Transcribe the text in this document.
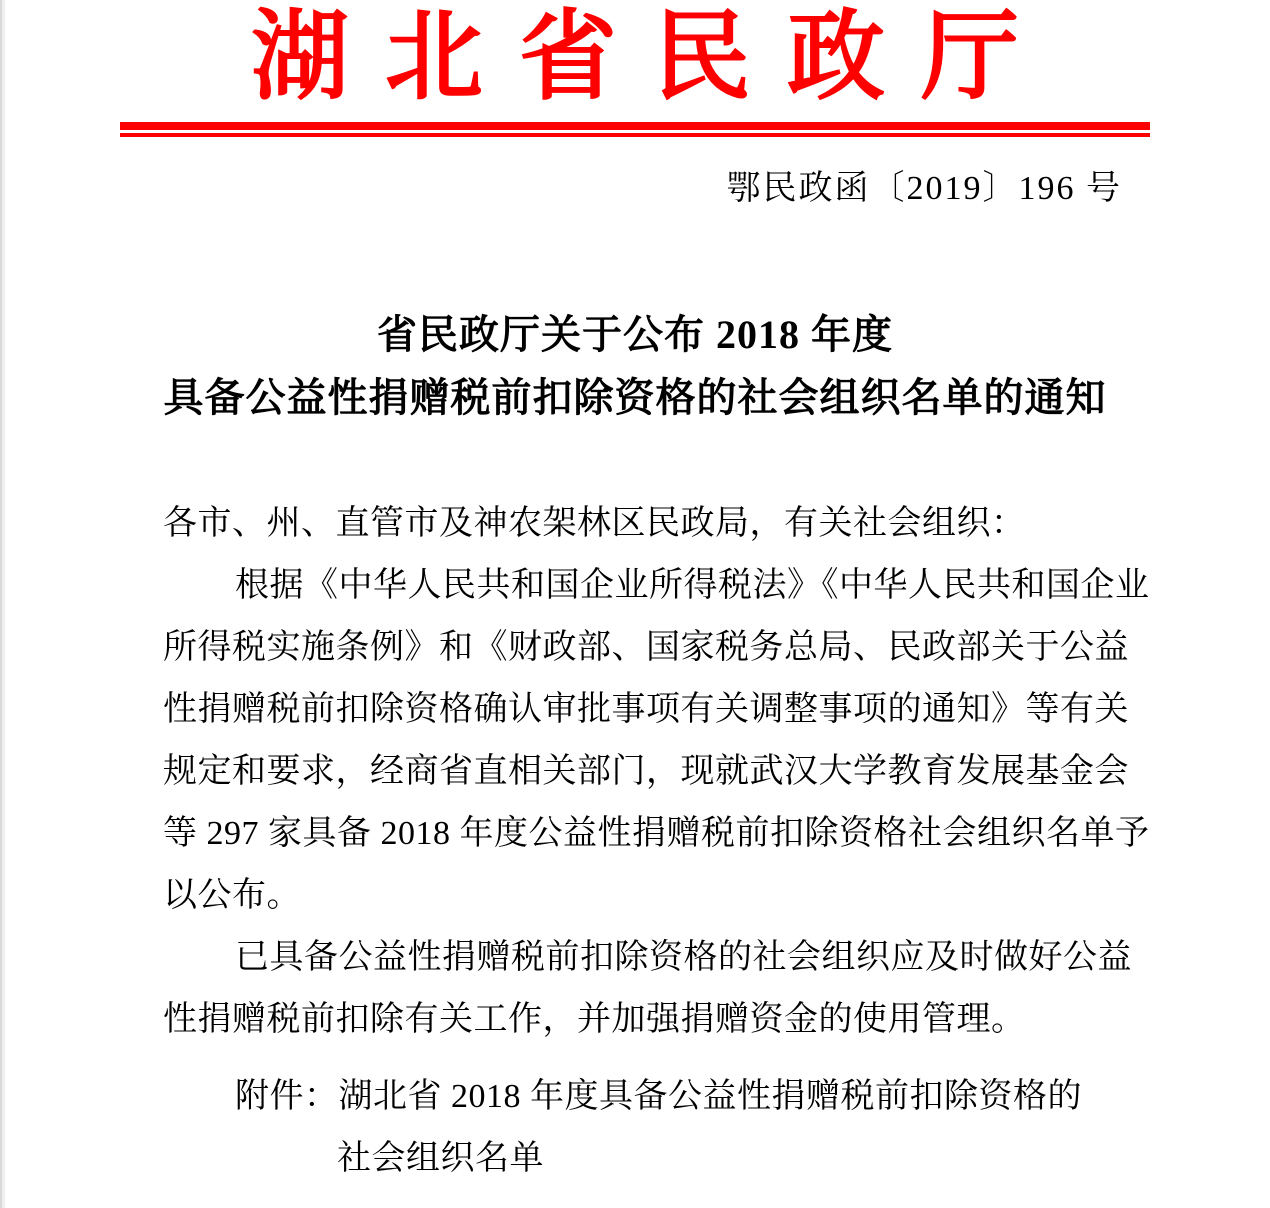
湖北省民政厅
鄂民政函〔2019〕196 号
省民政厅关于公布 2018 年度
具备公益性捐赠税前扣除资格的社会组织名单的通知

各市、州、直管市及神农架林区民政局，有关社会组织：

根据《中华人民共和国企业所得税法》《中华人民共和国企业

所得税实施条例》和《财政部、国家税务总局、民政部关于公益

性捐赠税前扣除资格确认审批事项有关调整事项的通知》等有关

规定和要求，经商省直相关部门，现就武汉大学教育发展基金会

等 297 家具备 2018 年度公益性捐赠税前扣除资格社会组织名单予

以公布。

已具备公益性捐赠税前扣除资格的社会组织应及时做好公益

性捐赠税前扣除有关工作，并加强捐赠资金的使用管理。

附件：湖北省 2018 年度具备公益性捐赠税前扣除资格的

社会组织名单
